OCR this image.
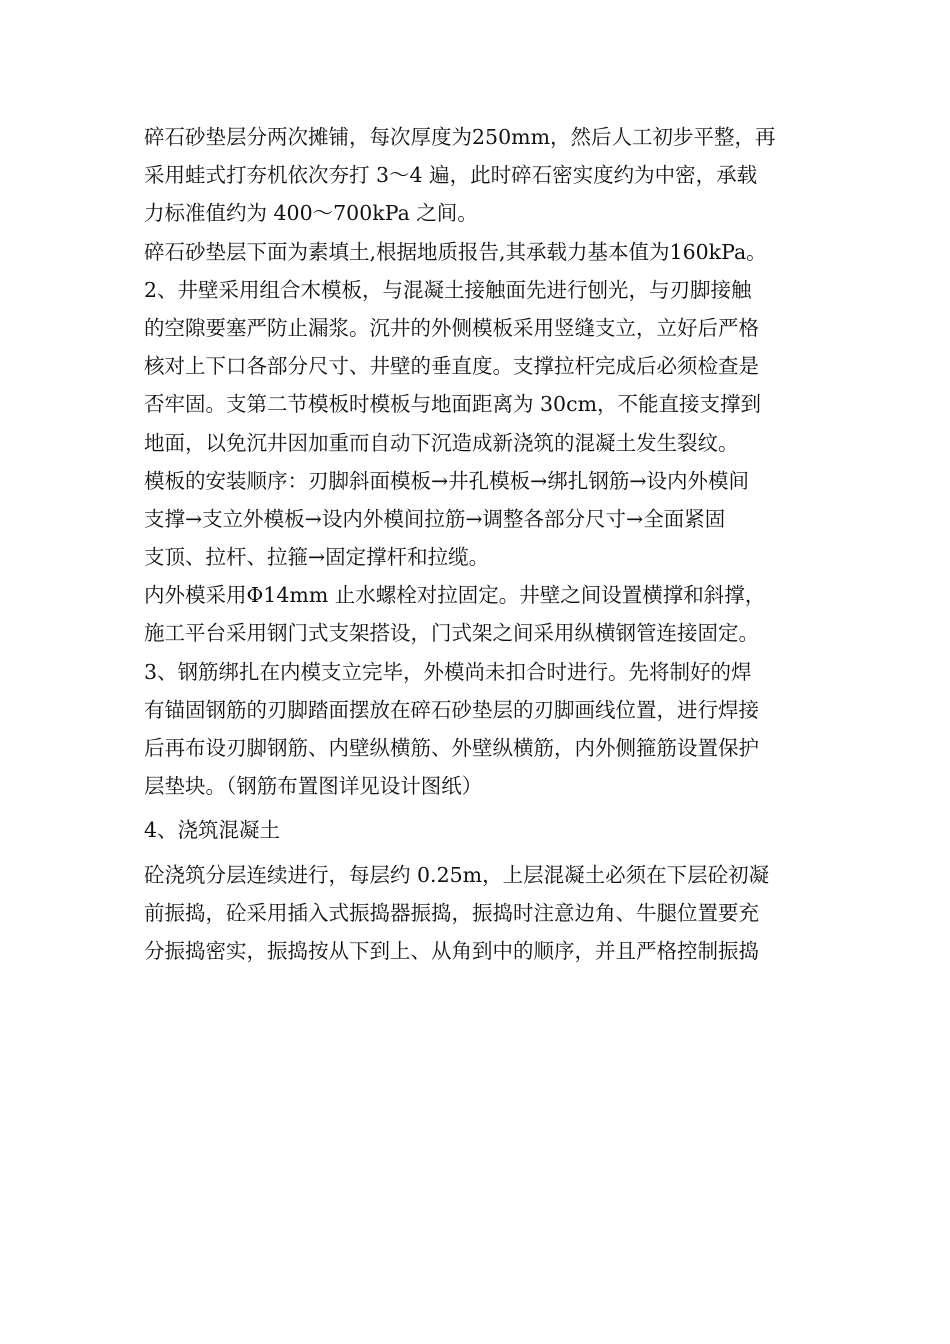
碎石砂垫层分两次摊铺，每次厚度为250mm，然后人工初步平整，再

采用蛙式打夯机依次夯打 3～4 遍，此时碎石密实度约为中密，承载

力标准值约为 400～700kPa 之间。

碎石砂垫层下面为素填土,根据地质报告,其承载力基本值为160kPa。

2、井壁采用组合木模板，与混凝土接触面先进行刨光，与刃脚接触

的空隙要塞严防止漏浆。沉井的外侧模板采用竖缝支立，立好后严格

核对上下口各部分尺寸、井壁的垂直度。支撑拉杆完成后必须检查是

否牢固。支第二节模板时模板与地面距离为 30cm，不能直接支撑到

地面，以免沉井因加重而自动下沉造成新浇筑的混凝土发生裂纹。

模板的安装顺序：刃脚斜面模板→井孔模板→绑扎钢筋→设内外模间

支撑→支立外模板→设内外模间拉筋→调整各部分尺寸→全面紧固

支顶、拉杆、拉箍→固定撑杆和拉缆。

内外模采用Φ14mm 止水螺栓对拉固定。井壁之间设置横撑和斜撑，

施工平台采用钢门式支架搭设，门式架之间采用纵横钢管连接固定。

3、钢筋绑扎在内模支立完毕，外模尚未扣合时进行。先将制好的焊

有锚固钢筋的刃脚踏面摆放在碎石砂垫层的刃脚画线位置，进行焊接

后再布设刃脚钢筋、内壁纵横筋、外壁纵横筋，内外侧箍筋设置保护

层垫块。（钢筋布置图详见设计图纸）

4、浇筑混凝土

砼浇筑分层连续进行，每层约 0.25m，上层混凝土必须在下层砼初凝

前振捣，砼采用插入式振捣器振捣，振捣时注意边角、牛腿位置要充

分振捣密实，振捣按从下到上、从角到中的顺序，并且严格控制振捣
